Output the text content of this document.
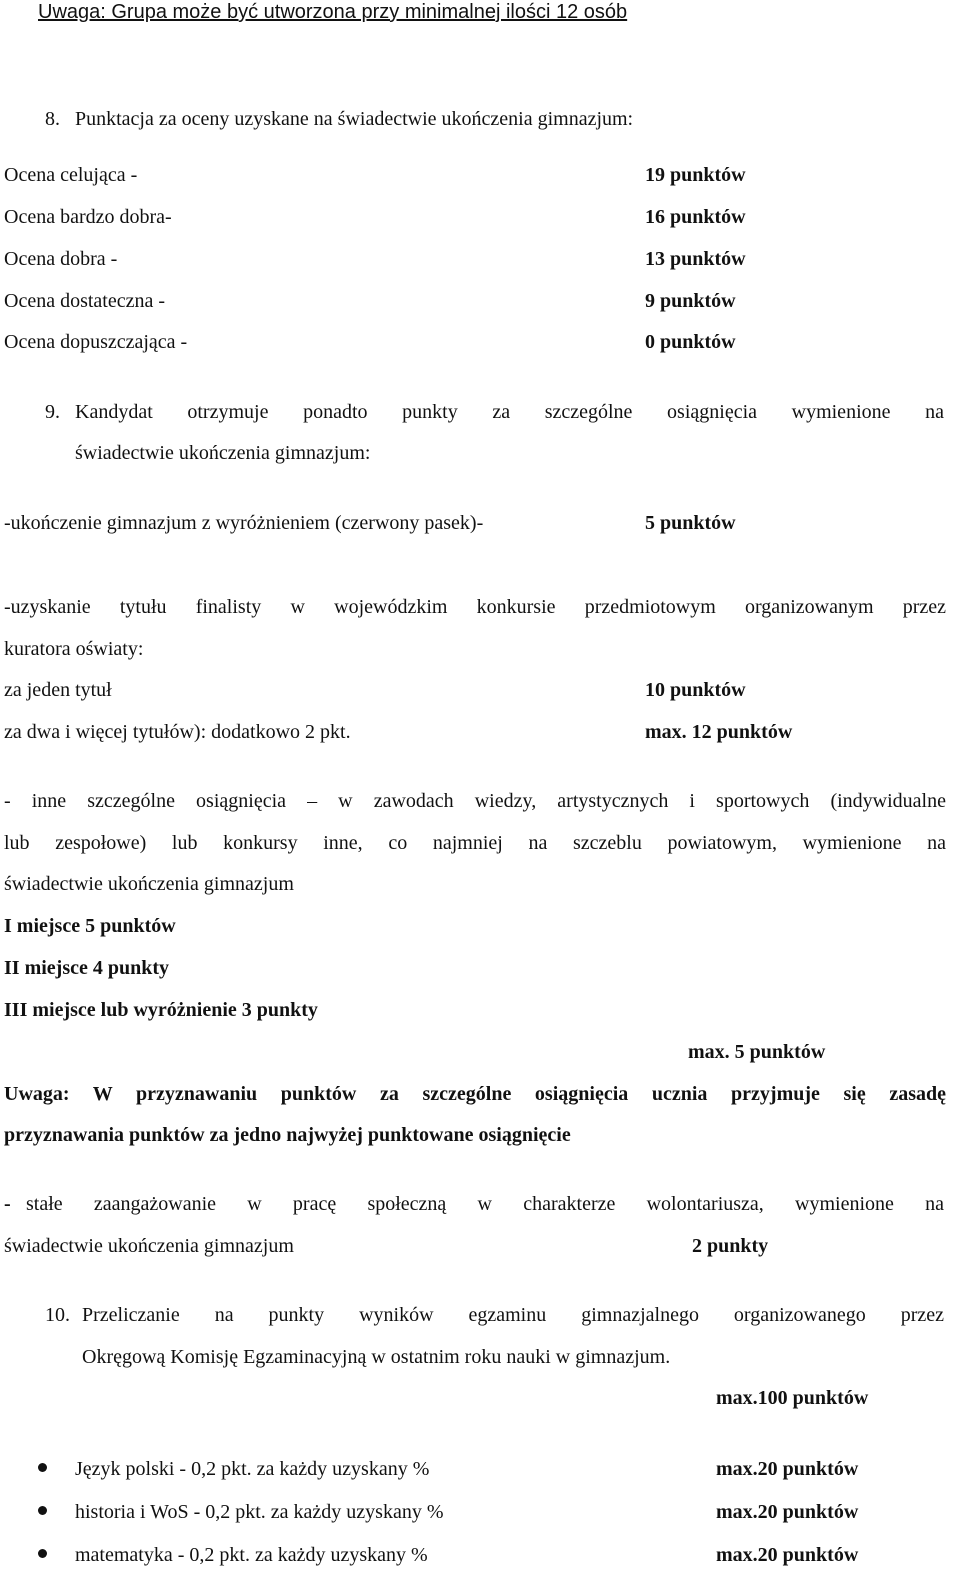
Uwaga: Grupa może być utworzona przy minimalnej ilości 12 osób
8. Punktacja za oceny uzyskane na świadectwie ukończenia gimnazjum:
Ocena celująca -	19 punktów
Ocena bardzo dobra-	16 punktów
Ocena dobra -	13 punktów
Ocena dostateczna -	9 punktów
Ocena dopuszczająca -	0 punktów
9. Kandydat otrzymuje ponadto punkty za szczególne osiągnięcia wymienione na
świadectwie ukończenia gimnazjum:
-ukończenie gimnazjum z wyróżnieniem (czerwony pasek)-	5 punktów
-uzyskanie tytułu finalisty w wojewódzkim konkursie przedmiotowym organizowanym przez
kuratora oświaty:
za jeden tytuł	10 punktów
za dwa i więcej tytułów): dodatkowo 2 pkt.	max. 12 punktów
- inne szczególne osiągnięcia – w zawodach wiedzy, artystycznych i sportowych (indywidualne
lub zespołowe) lub konkursy inne, co najmniej na szczeblu powiatowym, wymienione na
świadectwie ukończenia gimnazjum
I miejsce 5 punktów
II miejsce 4 punkty
III miejsce lub wyróżnienie 3 punkty
max. 5 punktów
Uwaga: W przyznawaniu punktów za szczególne osiągnięcia ucznia przyjmuje się zasadę
przyznawania punktów za jedno najwyżej punktowane osiągnięcie
- stałe zaangażowanie w pracę społeczną w charakterze wolontariusza, wymienione na
świadectwie ukończenia gimnazjum	2 punkty
10. Przeliczanie na punkty wyników egzaminu gimnazjalnego organizowanego przez
Okręgową Komisję Egzaminacyjną w ostatnim roku nauki w gimnazjum.
max.100 punktów
Język polski - 0,2 pkt. za każdy uzyskany %	max.20 punktów
historia i WoS - 0,2 pkt. za każdy uzyskany %	max.20 punktów
matematyka - 0,2 pkt. za każdy uzyskany %	max.20 punktów
